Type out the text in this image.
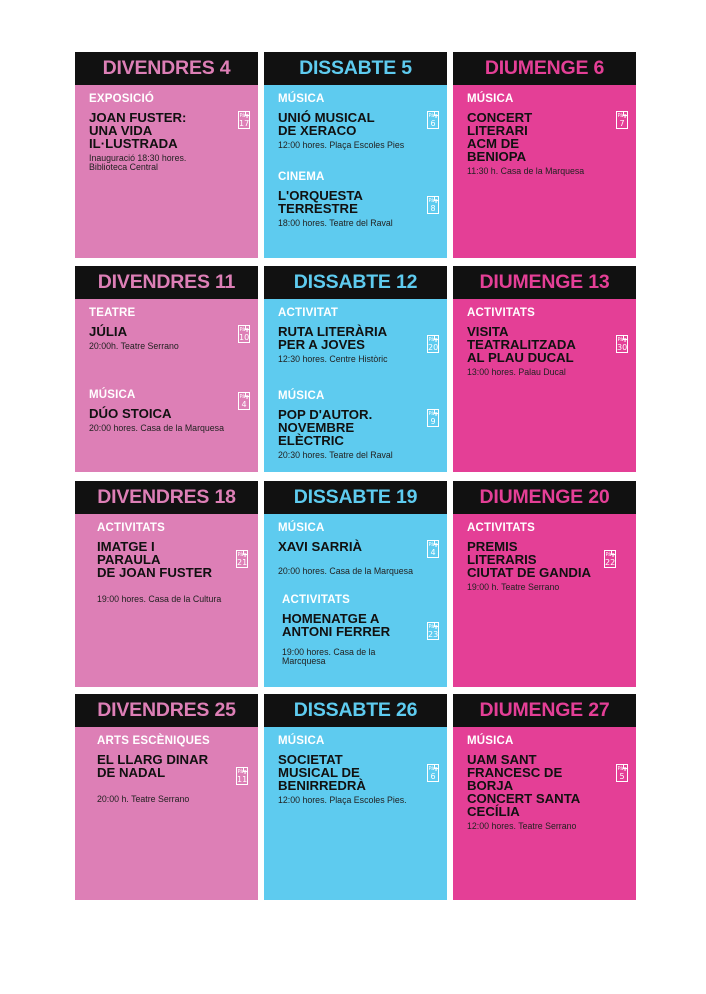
DIVENDRES 4
EXPOSICIÓ
JOAN FUSTER:
UNA VIDA
IL·LUSTRADA
Inauguració 18:30 hores.
Biblioteca Central
Pàg
17
DISSABTE 5
MÚSICA
UNIÓ MUSICAL
DE XERACO
12:00 hores. Plaça Escoles Pies
Pàg
6
CINEMA
L'ORQUESTA
TERRESTRE
18:00 hores. Teatre del Raval
Pàg
8
DIUMENGE 6
MÚSICA
CONCERT
LITERARI
ACM DE
BENIOPA
11:30 h. Casa de la Marquesa
Pàg
7
DIVENDRES 11
TEATRE
JÚLIA
20:00h. Teatre Serrano
Pàg
10
MÚSICA
DÚO STOICA
20:00 hores. Casa de la Marquesa
Pàg
4
DISSABTE 12
ACTIVITAT
RUTA LITERÀRIA
PER A JOVES
12:30 hores. Centre Històric
Pàg
20
MÚSICA
POP D'AUTOR.
NOVEMBRE
ELÈCTRIC
20:30 hores. Teatre del Raval
Pàg
9
DIUMENGE 13
ACTIVITATS
VISITA
TEATRALITZADA
AL PLAU DUCAL
13:00 hores. Palau Ducal
Pàg
30
DIVENDRES 18
ACTIVITATS
IMATGE I
PARAULA
DE JOAN FUSTER
19:00 hores. Casa de la Cultura
Pàg
21
DISSABTE 19
MÚSICA
XAVI SARRIÀ
20:00 hores. Casa de la Marquesa
Pàg
4
ACTIVITATS
HOMENATGE A
ANTONI FERRER
19:00 hores. Casa de la Marcquesa
Pàg
23
DIUMENGE 20
ACTIVITATS
PREMIS
LITERARIS
CIUTAT DE GANDIA
19:00 h. Teatre Serrano
Pàg
22
DIVENDRES 25
ARTS ESCÈNIQUES
EL LLARG DINAR
DE NADAL
20:00 h. Teatre Serrano
Pàg
11
DISSABTE 26
MÚSICA
SOCIETAT
MUSICAL DE
BENIRREDRÀ
12:00 hores. Plaça Escoles Pies.
Pàg
6
DIUMENGE 27
MÚSICA
UAM SANT
FRANCESC DE
BORJA
CONCERT SANTA
CECÍLIA
12:00 hores. Teatre Serrano
Pàg
5
